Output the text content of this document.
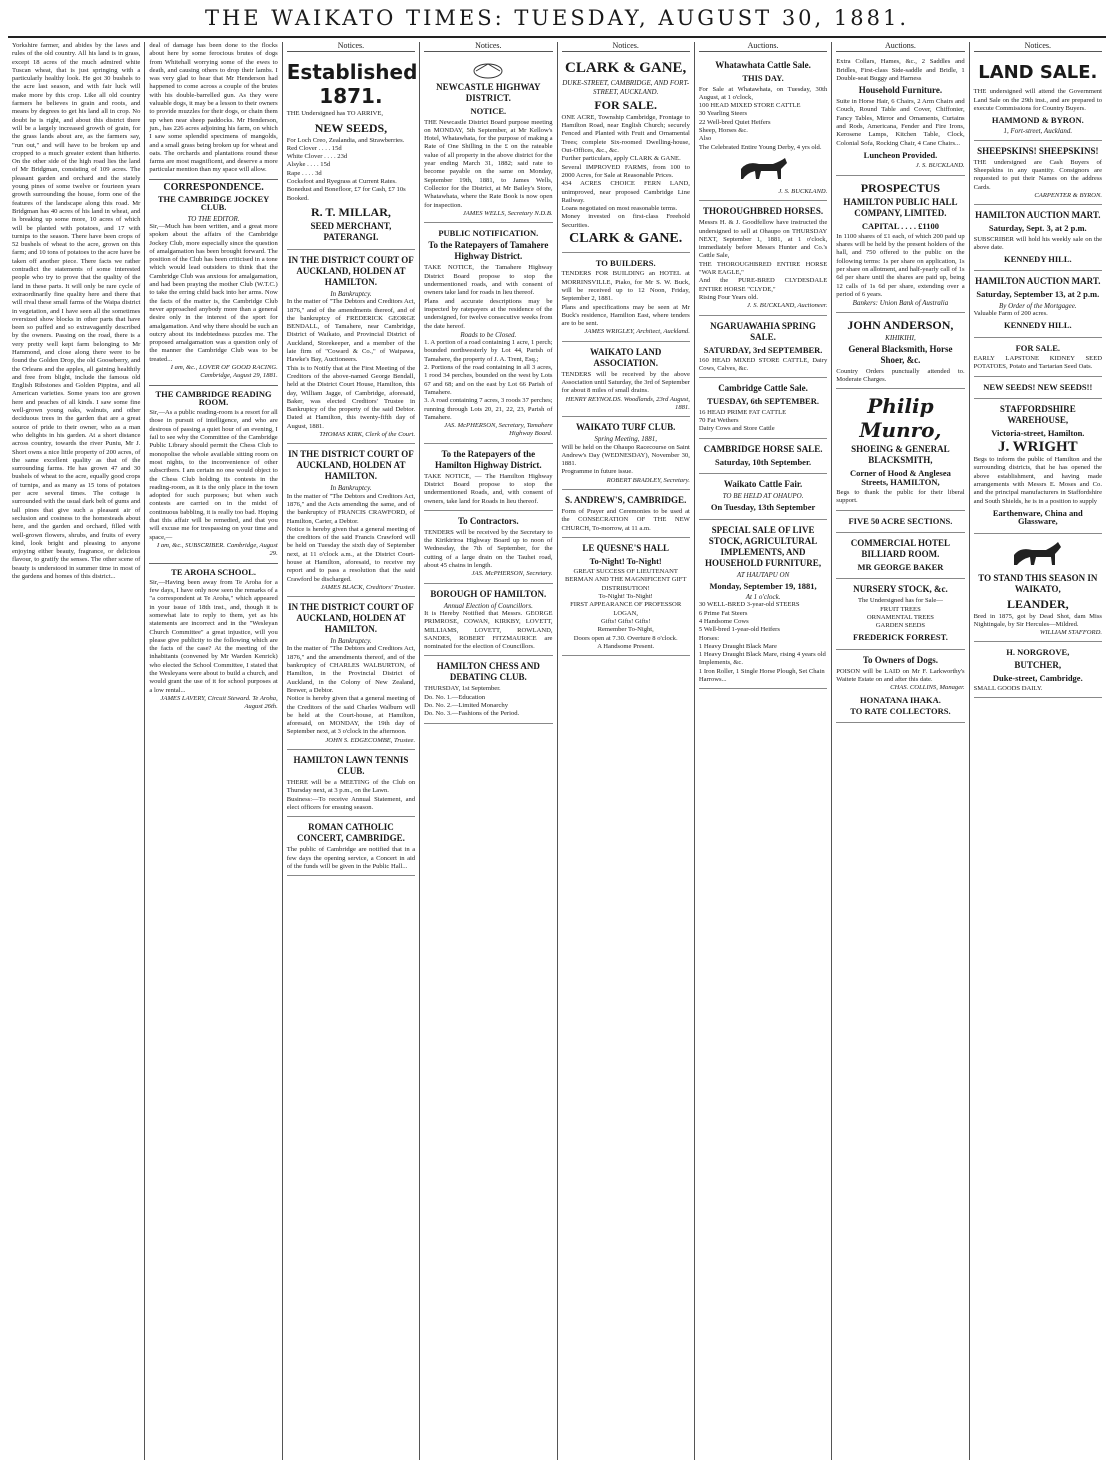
THE WAIKATO TIMES: TUESDAY, AUGUST 30, 1881.
Yorkshire farmer, and abides by the laws and rules of the old country. All his land is in grass, except 18 acres of the much admired white Tuscan wheat, that is just springing with a particularly healthy look. He got 30 bushels to the acre last season, and with fair luck will make more by this crop. Like all old country farmers he believes in grain and roots, and means by degrees to get his land all in crop. No doubt he is right, and about this district there will be a largely increased growth of grain, for the grass lands about are, as the farmers say, "run out," and will have to be broken up and cropped to a much greater extent than hitherto. On the other side of the high road lies the land of Mr Bridgman, consisting of 109 acres. The pleasant garden and orchard and the stately young pines of some twelve or fourteen years growth surrounding the house, form one of the features of the landscape along this road. Mr Bridgman has 40 acres of his land in wheat, and is breaking up some more, 10 acres of which will be planted with potatoes, and 17 with turnips to the season. There have been crops of 52 bushels of wheat to the acre, grown on this farm; and 10 tons of potatoes to the acre have be taken off another piece. There facts we rather contradict the statements of some interested people who try to prove that the quality of the land in these parts. It will only be rare cycle of extraordinarily fine quality here and there that will rival these small farms of the Waipa district in vegetation, and I have seen all the sometimes oversized show blocks in other parts that have been so puffed and so extravagantly described by the owners. Passing on the road, there is a very pretty well kept farm belonging to Mr Hammond, and close along there were to be found the Golden Drop, the old Gooseberry, and the Orleans and the apples, all gaining healthily and free from blight, include the famous old English Ribstones and Golden Pippins, and all American varieties. Some years too are grown here and peaches of all kinds. I saw some fine well-grown young oaks, walnuts, and other deciduous trees in the garden that are a great source of pride to their owner, who as a man who delights in his garden. At a short distance across country, towards the river Puniu, Mr J. Short owns a nice little property of 200 acres, of the same excellent quality as that of the surrounding farms. He has grown 47 and 30 bushels of wheat to the acre, equally good crops of turnips, and as many as 15 tons of potatoes per acre several times. The cottage is surrounded with the usual dark belt of gums and tall pines that give such a pleasant air of seclusion and cosiness to the homesteads about here, and the garden and orchard, filled with well-grown flowers, shrubs, and fruits of every kind, look bright and pleasing to anyone enjoying either beauty, fragrance, or delicious flavour, to gratify the senses. The other scene of beauty is understood in summer time in most of the gardens and homes of this district...
deal of damage has been done to the flocks about here by some ferocious brutes of dogs from Whitehall worrying some of the ewes to death, and causing others to drop their lambs. I was very glad to hear that Mr Henderson had happened to come across a couple of the brutes with his double-barrelled gun. As they were valuable dogs, it may be a lesson to their owners to provide muzzles for their dogs, or chain them up when near sheep paddocks. Mr Henderson, jun., has 226 acres adjoining his farm, on which I saw some splendid specimens of mangolds, and a small grass being broken up for wheat and oats. The orchards and plantations round these farms are most magnificent, and deserve a more particular mention than my space will allow.
CORRESPONDENCE.
THE CAMBRIDGE JOCKEY CLUB.
TO THE EDITOR.
Sir,—Much has been written, and a great more spoken about the affairs of the Cambridge Jockey Club, more especially since the question of amalgamation has been brought forward. The position of the Club has been criticised in a tone which would lead outsiders to think that the Cambridge Club was anxious for amalgamation, and had been praying the mother Club (W.T.C.) to take the erring child back into her arms. Now the facts of the matter is, the Cambridge Club never approached anybody more than a general desire only in the interest of the sport for amalgamation. And why there should be such an outcry about its indebtedness puzzles me. The proposed amalgamation was a question only of the manner the Cambridge Club was to be treated...
I am, &c., LOVER OF GOOD RACING. Cambridge, August 29, 1881.
THE CAMBRIDGE READING ROOM.
Sir,—As a public reading-room is a resort for all those in pursuit of intelligence, and who are desirous of passing a quiet hour of an evening, I fail to see why the Committee of the Cambridge Public Library should permit the Chess Club to monopolise the whole available sitting room on most nights, to the inconvenience of other subscribers. I am certain no one would object to the Chess Club holding its contests in the reading-room, as it is the only place in the town adopted for such purposes; but when such contests are carried on in the midst of continuous babbling, it is really too bad. Hoping that this affair will be remedied, and that you will excuse me for trespassing on your time and space,—
I am, &c., SUBSCRIBER. Cambridge, August 29.
TE AROHA SCHOOL.
Sir,—Having been away from Te Aroha for a few days, I have only now seen the remarks of a "a correspondent at Te Aroha," which appeared in your issue of 18th inst., and, though it is somewhat late to reply to them, yet as his statements are incorrect and in the "Wesleyan Church Committee" a great injustice, will you please give publicity to the following which are the facts of the case? At the meeting of the inhabitants (convened by Mr Warden Kenrick) who elected the School Committee, I stated that the Wesleyans were about to build a church, and would grant the use of it for school purposes at a low rental...
JAMES LAVERY, Circuit Steward. Te Aroha, August 26th.
Notices.
Established 1871.
THE Undersigned has TO ARRIVE,
NEW SEEDS,
For Loch Creo, Zealandia, and Strawberries.
Red Clover . . . . 15d
White Clover . . . . 23d
Alsyke . . . . 15d
Rape . . . . 3d
Cocksfoot and Ryegrass at Current Rates. Bonedust and Bonefloor, £7 for Cash, £7 10s Booked.
R. T. MILLAR,
SEED MERCHANT, PATERANGI.
IN THE DISTRICT COURT OF AUCKLAND, HOLDEN AT HAMILTON.
In Bankruptcy.
In the matter of "The Debtors and Creditors Act, 1876," and of the amendments thereof, and of the bankruptcy of FREDERICK GEORGE BENDALL, of Tamahere, near Cambridge, District of Waikato, and Provincial District of Auckland, Storekeeper, and a member of the late firm of "Coward & Co.," of Waipawa, Hawke's Bay, Auctioneers.
This is to Notify that at the First Meeting of the Creditors of the above-named George Bendall, held at the District Court House, Hamilton, this day, William Jagge, of Cambridge, aforesaid, Baker, was elected Creditors' Trustee in Bankruptcy of the property of the said Debtor. Dated at Hamilton, this twenty-fifth day of August, 1881.
THOMAS KIRK, Clerk of the Court.
IN THE DISTRICT COURT OF AUCKLAND, HOLDEN AT HAMILTON.
In Bankruptcy.
In the matter of "The Debtors and Creditors Act, 1876," and the Acts amending the same, and of the bankruptcy of FRANCIS CRAWFORD, of Hamilton, Carter, a Debtor.
Notice is hereby given that a general meeting of the creditors of the said Francis Crawford will be held on Tuesday the sixth day of September next, at 11 o'clock a.m., at the District Court-house at Hamilton, aforesaid, to receive my report and to pass a resolution that the said Crawford be discharged.
JAMES BLACK, Creditors' Trustee.
IN THE DISTRICT COURT OF AUCKLAND, HOLDEN AT HAMILTON.
In Bankruptcy.
In the matter of "The Debtors and Creditors Act, 1876," and the amendments thereof, and of the bankruptcy of CHARLES WALBURTON, of Hamilton, in the Provincial District of Auckland, in the Colony of New Zealand, Brewer, a Debtor.
Notice is hereby given that a general meeting of the Creditors of the said Charles Walburn will be held at the Court-house, at Hamilton, aforesaid, on MONDAY, the 19th day of September next, at 3 o'clock in the afternoon.
JOHN S. EDGECOMBE, Trustee.
HAMILTON LAWN TENNIS CLUB.
THERE will be a MEETING of the Club on Thursday next, at 3 p.m., on the Lawn.
Business:—To receive Annual Statement, and elect officers for ensuing season.
ROMAN CATHOLIC CONCERT, CAMBRIDGE.
The public of Cambridge are notified that in a few days the opening service, a Concert in aid of the funds will be given in the Public Hall...
Notices.
NEWCASTLE HIGHWAY DISTRICT.
NOTICE.
THE Newcastle District Board purpose meeting on MONDAY, 5th September, at Mr Kellow's Hotel, Whatawhata, for the purpose of making a Rate of One Shilling in the £ on the rateable value of all property in the above district for the year ending March 31, 1882; said rate to become payable on the same on Monday, September 19th, 1881, to James Wells, Collector for the District, at Mr Bailey's Store, Whatawhata, where the Rate Book is now open for inspection.
JAMES WELLS, Secretary N.D.B.
PUBLIC NOTIFICATION.
To the Ratepayers of Tamahere Highway District.
TAKE NOTICE, the Tamahere Highway District Board propose to stop the undermentioned roads, and with consent of owners take land for roads in lieu thereof.
Plans and accurate descriptions may be inspected by ratepayers at the residence of the undersigned, for twelve consecutive weeks from the date hereof.
Roads to be Closed.
1. A portion of a road containing 1 acre, 1 perch; bounded northwesterly by Lot 44, Parish of Tamahere, the property of J. A. Trent, Esq.;
2. Portions of the road containing in all 3 acres, 1 rood 34 perches, bounded on the west by Lots 67 and 68; and on the east by Lot 66 Parish of Tamahere.
3. A road containing 7 acres, 3 roods 37 perches; running through Lots 20, 21, 22, 23, Parish of Tamahere.
JAS. McPHERSON, Secretary, Tamahere Highway Board.
To the Ratepayers of the Hamilton Highway District.
TAKE NOTICE, — The Hamilton Highway District Board propose to stop the undermentioned Roads, and, with consent of owners, take land for Roads in lieu thereof.
To Contractors.
TENDERS will be received by the Secretary to the Kirikiriroa Highway Board up to noon of Wednesday, the 7th of September, for the cutting of a large drain on the Tauhei road, about 45 chains in length.
JAS. McPHERSON, Secretary.
BOROUGH OF HAMILTON.
Annual Election of Councillors.
It is Hereby Notified that Messrs. GEORGE PRIMROSE, COWAN, KIRKBY, LOVETT, MILLIAMS, LOVETT, ROWLAND, SANDES, ROBERT FITZMAURICE are nominated for the election of Councillors.
HAMILTON CHESS AND DEBATING CLUB.
THURSDAY, 1st September.
Do. No. 1.—Education
Do. No. 2.—Limited Monarchy
Do. No. 3.—Fashions of the Period.
Notices.
CLARK & GANE,
DUKE-STREET, CAMBRIDGE, AND FORT-STREET, AUCKLAND.
FOR SALE.
ONE ACRE, Township Cambridge, Frontage to Hamilton Road, near English Church; securely Fenced and Planted with Fruit and Ornamental Trees; complete Six-roomed Dwelling-house, Out-Offices, &c., &c.
Further particulars, apply CLARK & GANE.
Several IMPROVED FARMS, from 100 to 2000 Acres, for Sale at Reasonable Prices.
434 ACRES CHOICE FERN LAND, unimproved, near proposed Cambridge Line Railway.
Loans negotiated on most reasonable terms.
Money invested on first-class Freehold Securities.
CLARK & GANE.
TO BUILDERS.
TENDERS FOR BUILDING an HOTEL at MORRINSVILLE, Piako, for Mr S. W. Buck, will be received up to 12 Noon, Friday, September 2, 1881.
Plans and specifications may be seen at Mr Buck's residence, Hamilton East, where tenders are to be sent.
JAMES WRIGLEY, Architect, Auckland.
WAIKATO LAND ASSOCIATION.
TENDERS will be received by the above Association until Saturday, the 3rd of September for about 8 miles of small drains.
HENRY REYNOLDS. Woodlands, 23rd August, 1881.
WAIKATO TURF CLUB.
Spring Meeting, 1881,
Will be held on the Ohaupo Racecourse on Saint Andrew's Day (WEDNESDAY), November 30, 1881.
Programme in future issue.
ROBERT BRADLEY, Secretary.
S. ANDREW'S, CAMBRIDGE.
Form of Prayer and Ceremonies to be used at the CONSECRATION OF THE NEW CHURCH, To-morrow, at 11 a.m.
LE QUESNE'S HALL
To-Night! To-Night!
GREAT SUCCESS OF LIEUTENANT BERMAN AND THE MAGNIFICENT GIFT DISTRIBUTION!
To-Night! To-Night!
FIRST APPEARANCE OF PROFESSOR LOGAN,
Gifts! Gifts! Gifts!
Remember To-Night,
Doors open at 7.30. Overture 8 o'clock.
A Handsome Present.
Auctions.
Whatawhata Cattle Sale.
THIS DAY.
For Sale at Whatawhata, on Tuesday, 30th August, at 1 o'clock,
100 HEAD MIXED STORE CATTLE
30 Yearling Steers
22 Well-bred Quiet Heifers
Sheep, Horses &c.
Also
The Celebrated Entire Young Derby, 4 yrs old.
J. S. BUCKLAND.
THOROUGHBRED HORSES.
Messrs H. & J. Goodfellow have instructed the undersigned to sell at Ohaupo on THURSDAY NEXT, September 1, 1881, at 1 o'clock, immediately before Messrs Hunter and Co.'s Cattle Sale,
THE THOROUGHBRED ENTIRE HORSE "WAR EAGLE,"
And the PURE-BRED CLYDESDALE ENTIRE HORSE "CLYDE,"
Rising Four Years old.
J. S. BUCKLAND, Auctioneer.
NGARUAWAHIA SPRING SALE.
SATURDAY, 3rd SEPTEMBER.
160 HEAD MIXED STORE CATTLE, Dairy Cows, Calves, &c.
Cambridge Cattle Sale.
TUESDAY, 6th SEPTEMBER.
16 HEAD PRIME FAT CATTLE
70 Fat Wethers
Dairy Cows and Store Cattle
CAMBRIDGE HORSE SALE.
Saturday, 10th September.
Waikato Cattle Fair.
TO BE HELD AT OHAUPO.
On Tuesday, 13th September
SPECIAL SALE OF LIVE STOCK, AGRICULTURAL IMPLEMENTS, AND HOUSEHOLD FURNITURE,
AT HAUTAPU ON
Monday, September 19, 1881,
At 1 o'clock.
30 WELL-BRED 3-year-old STEERS
6 Prime Fat Steers
4 Handsome Cows
5 Well-bred 1-year-old Heifers
Horses:
1 Heavy Draught Black Mare
1 Heavy Draught Black Mare, rising 4 years old
Implements, &c.
1 Iron Roller, 1 Single Horse Plough, Set Chain Harrows...
Auctions.
Extra Collars, Hames, &c., 2 Saddles and Bridles, First-class Side-saddle and Bridle, 1 Double-seat Buggy and Harness
Household Furniture.
Suite in Horse Hair, 6 Chairs, 2 Arm Chairs and Couch, Round Table and Cover, Chiffonier, Fancy Tables, Mirror and Ornaments, Curtains and Rods, Americana, Fender and Fire Irons, Kerosene Lamps, Kitchen Table, Clock, Colonial Sofa, Rocking Chair, 4 Cane Chairs...
Luncheon Provided.
J. S. BUCKLAND.
PROSPECTUS
HAMILTON PUBLIC HALL COMPANY, LIMITED.
CAPITAL . . . . £1100
In 1100 shares of £1 each, of which 200 paid up shares will be held by the present holders of the hall, and 750 offered to the public on the following terms: 1s per share on application, 1s per share on allotment, and half-yearly call of 1s 6d per share until the shares are paid up, being 12 calls of 1s 6d per share, extending over a period of 6 years.
Bankers: Union Bank of Australia
JOHN ANDERSON,
KIHIKIHI,
General Blacksmith, Horse Shoer, &c.
Country Orders punctually attended to. Moderate Charges.
Philip Munro,
SHOEING & GENERAL BLACKSMITH,
Corner of Hood & Anglesea Streets, HAMILTON,
Begs to thank the public for their liberal support.
FIVE 50 ACRE SECTIONS.
COMMERCIAL HOTEL BILLIARD ROOM.
MR GEORGE BAKER
NURSERY STOCK, &c.
The Undersigned has for Sale—
FRUIT TREES
ORNAMENTAL TREES
GARDEN SEEDS
FREDERICK FORREST.
To Owners of Dogs.
POISON will be LAID on Mr F. Larkworthy's Waitete Estate on and after this date.
CHAS. COLLINS, Manager.
HONATANA IHAKA.
TO RATE COLLECTORS.
Notices.
LAND SALE.
THE undersigned will attend the Government Land Sale on the 29th inst., and are prepared to execute Commissions for Country Buyers.
HAMMOND & BYRON.
1, Fort-street, Auckland.
SHEEPSKINS! SHEEPSKINS!
THE undersigned are Cash Buyers of Sheepskins in any quantity. Consignors are requested to put their Names on the address Cards.
CARPENTER & BYRON.
HAMILTON AUCTION MART.
Saturday, Sept. 3, at 2 p.m.
SUBSCRIBER will hold his weekly sale on the above date.
KENNEDY HILL.
HAMILTON AUCTION MART.
Saturday, September 13, at 2 p.m.
By Order of the Mortgagee.
Valuable Farm of 200 acres.
KENNEDY HILL.
FOR SALE.
EARLY LAPSTONE KIDNEY SEED POTATOES, Potato and Tartarian Seed Oats.
NEW SEEDS! NEW SEEDS!!
STAFFORDSHIRE WAREHOUSE,
Victoria-street, Hamilton.
J. WRIGHT
Begs to inform the public of Hamilton and the surrounding districts, that he has opened the above establishment, and having made arrangements with Messrs E. Moses and Co. and the principal manufacturers in Staffordshire and South Shields, he is in a position to supply
Earthenware, China and Glassware,
TO STAND THIS SEASON IN WAIKATO,
LEANDER,
Bred in 1875, got by Dead Shot, dam Miss Nightingale, by Sir Hercules—Mildred.
WILLIAM STAFFORD.
H. NORGROVE,
BUTCHER,
Duke-street, Cambridge.
SMALL GOODS DAILY.
